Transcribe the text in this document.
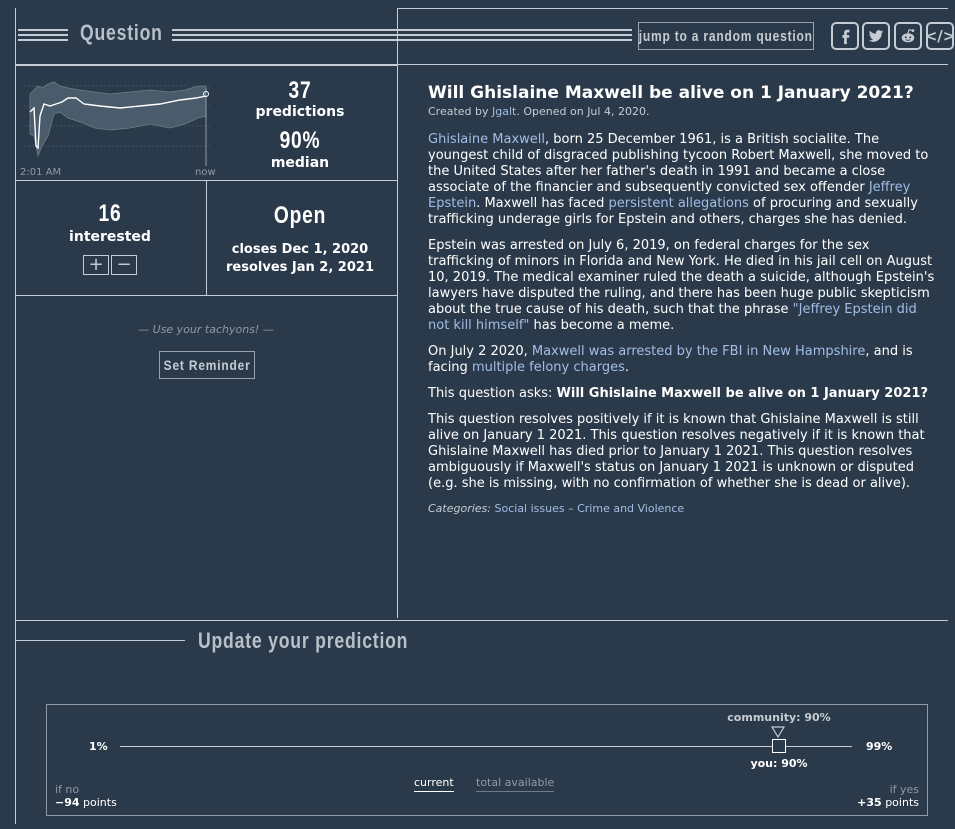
Question	jump to a random question	</>
2:01 AM	now
37
predictions
90%
median
16
interested
+ −
Open
closes Dec 1, 2020
resolves Jan 2, 2021
— Use your tachyons! —
Set Reminder
Will Ghislaine Maxwell be alive on 1 January 2021?
Created by Jgalt. Opened on Jul 4, 2020.

Ghislaine Maxwell, born 25 December 1961, is a British socialite. The youngest child of disgraced publishing tycoon Robert Maxwell, she moved to the United States after her father's death in 1991 and became a close associate of the financier and subsequently convicted sex offender Jeffrey Epstein. Maxwell has faced persistent allegations of procuring and sexually trafficking underage girls for Epstein and others, charges she has denied.

Epstein was arrested on July 6, 2019, on federal charges for the sex trafficking of minors in Florida and New York. He died in his jail cell on August 10, 2019. The medical examiner ruled the death a suicide, although Epstein's lawyers have disputed the ruling, and there has been huge public skepticism about the true cause of his death, such that the phrase "Jeffrey Epstein did not kill himself" has become a meme.

On July 2 2020, Maxwell was arrested by the FBI in New Hampshire, and is facing multiple felony charges.

This question asks: Will Ghislaine Maxwell be alive on 1 January 2021?

This question resolves positively if it is known that Ghislaine Maxwell is still alive on January 1 2021. This question resolves negatively if it is known that Ghislaine Maxwell has died prior to January 1 2021. This question resolves ambiguously if Maxwell's status on January 1 2021 is unknown or disputed (e.g. she is missing, with no confirmation of whether she is dead or alive).

Categories: Social issues – Crime and Violence
Update your prediction
community: 90%
1%	99%
you: 90%
current total available
if no
−94 points
if yes
+35 points
